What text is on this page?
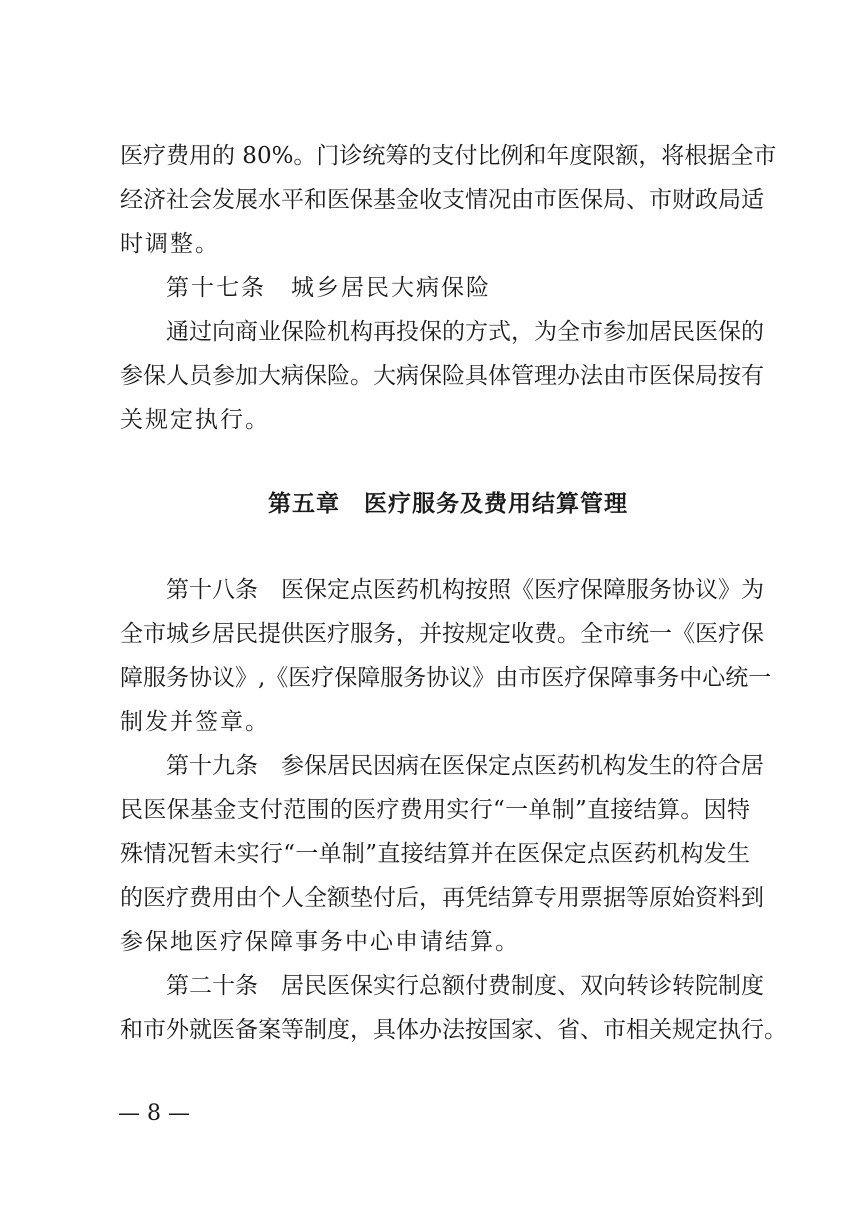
医疗费用的 80%。门诊统筹的支付比例和年度限额，将根据全市
经济社会发展水平和医保基金收支情况由市医保局、市财政局适
时调整。
第十七条　城乡居民大病保险
通过向商业保险机构再投保的方式，为全市参加居民医保的
参保人员参加大病保险。大病保险具体管理办法由市医保局按有
关规定执行。
第五章　医疗服务及费用结算管理
第十八条　医保定点医药机构按照《医疗保障服务协议》为
全市城乡居民提供医疗服务，并按规定收费。全市统一《医疗保
障服务协议》,《医疗保障服务协议》由市医疗保障事务中心统一
制发并签章。
第十九条　参保居民因病在医保定点医药机构发生的符合居
民医保基金支付范围的医疗费用实行“一单制”直接结算。因特
殊情况暂未实行“一单制”直接结算并在医保定点医药机构发生
的医疗费用由个人全额垫付后，再凭结算专用票据等原始资料到
参保地医疗保障事务中心申请结算。
第二十条　居民医保实行总额付费制度、双向转诊转院制度
和市外就医备案等制度，具体办法按国家、省、市相关规定执行。
— 8 —
